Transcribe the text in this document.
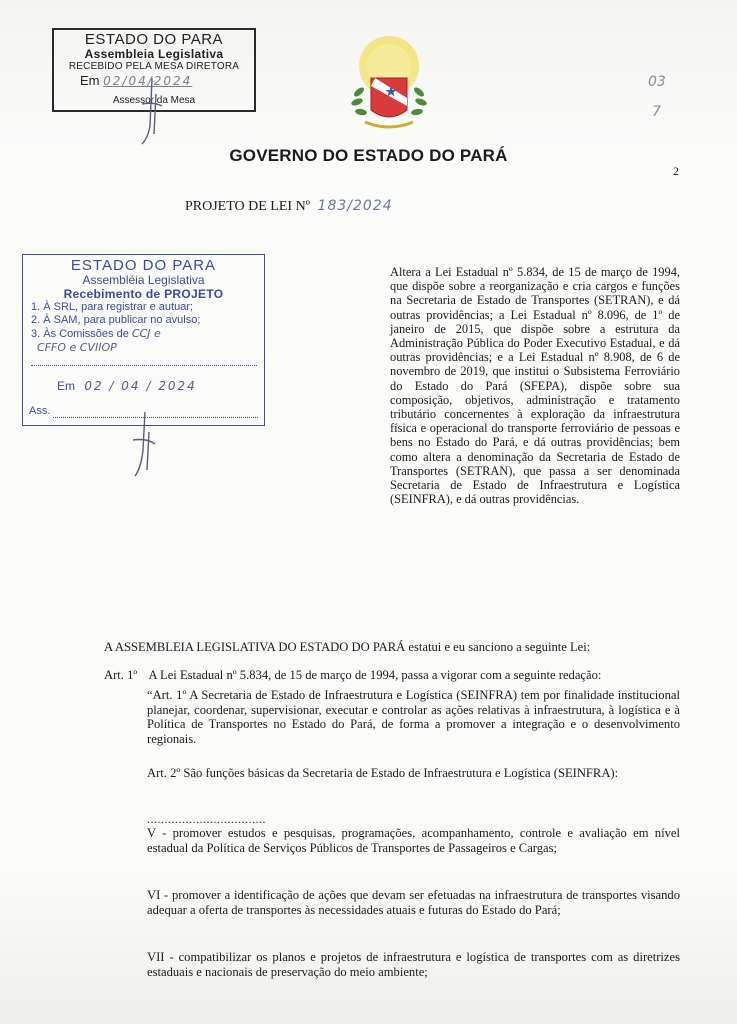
ESTADO DO PARA
Assembleia Legislativa
RECEBIDO PELA MESA DIRETORA
Em 02/04/2024
Assessor da Mesa
03
7
2
GOVERNO DO ESTADO DO PARÁ
PROJETO DE LEI Nº 183/2024
ESTADO DO PARA
Assembléia Legislativa
Recebimento de PROJETO
1. À SRL, para registrar e autuar;
2. À SAM, para publicar no avulso;
3. Às Comissões de CCJ e
CFFO e CVIIOP
Em 02 / 04 / 2024
Ass.
Altera a Lei Estadual nº 5.834, de 15 de março de 1994, que dispõe sobre a reorganização e cria cargos e funções na Secretaria de Estado de Transportes (SETRAN), e dá outras providências; a Lei Estadual nº 8.096, de 1º de janeiro de 2015, que dispõe sobre a estrutura da Administração Pública do Poder Executivo Estadual, e dá outras providências; e a Lei Estadual nº 8.908, de 6 de novembro de 2019, que institui o Subsistema Ferroviário do Estado do Pará (SFEPA), dispõe sobre sua composição, objetivos, administração e tratamento tributário concernentes à exploração da infraestrutura física e operacional do transporte ferroviário de pessoas e bens no Estado do Pará, e dá outras providências; bem como altera a denominação da Secretaria de Estado de Transportes (SETRAN), que passa a ser denominada Secretaria de Estado de Infraestrutura e Logística (SEINFRA), e dá outras providências.
A ASSEMBLEIA LEGISLATIVA DO ESTADO DO PARÁ estatui e eu sanciono a seguinte Lei:
Art. 1º A Lei Estadual nº 5.834, de 15 de março de 1994, passa a vigorar com a seguinte redação:
“Art. 1º A Secretaria de Estado de Infraestrutura e Logística (SEINFRA) tem por finalidade institucional planejar, coordenar, supervisionar, executar e controlar as ações relativas à infraestrutura, à logística e à Política de Transportes no Estado do Pará, de forma a promover a integração e o desenvolvimento regionais.
Art. 2º São funções básicas da Secretaria de Estado de Infraestrutura e Logística (SEINFRA):
..................................
V - promover estudos e pesquisas, programações, acompanhamento, controle e avaliação em nível estadual da Política de Serviços Públicos de Transportes de Passageiros e Cargas;
VI - promover a identificação de ações que devam ser efetuadas na infraestrutura de transportes visando adequar a oferta de transportes às necessidades atuais e futuras do Estado do Pará;
VII - compatibilizar os planos e projetos de infraestrutura e logística de transportes com as diretrizes estaduais e nacionais de preservação do meio ambiente;
